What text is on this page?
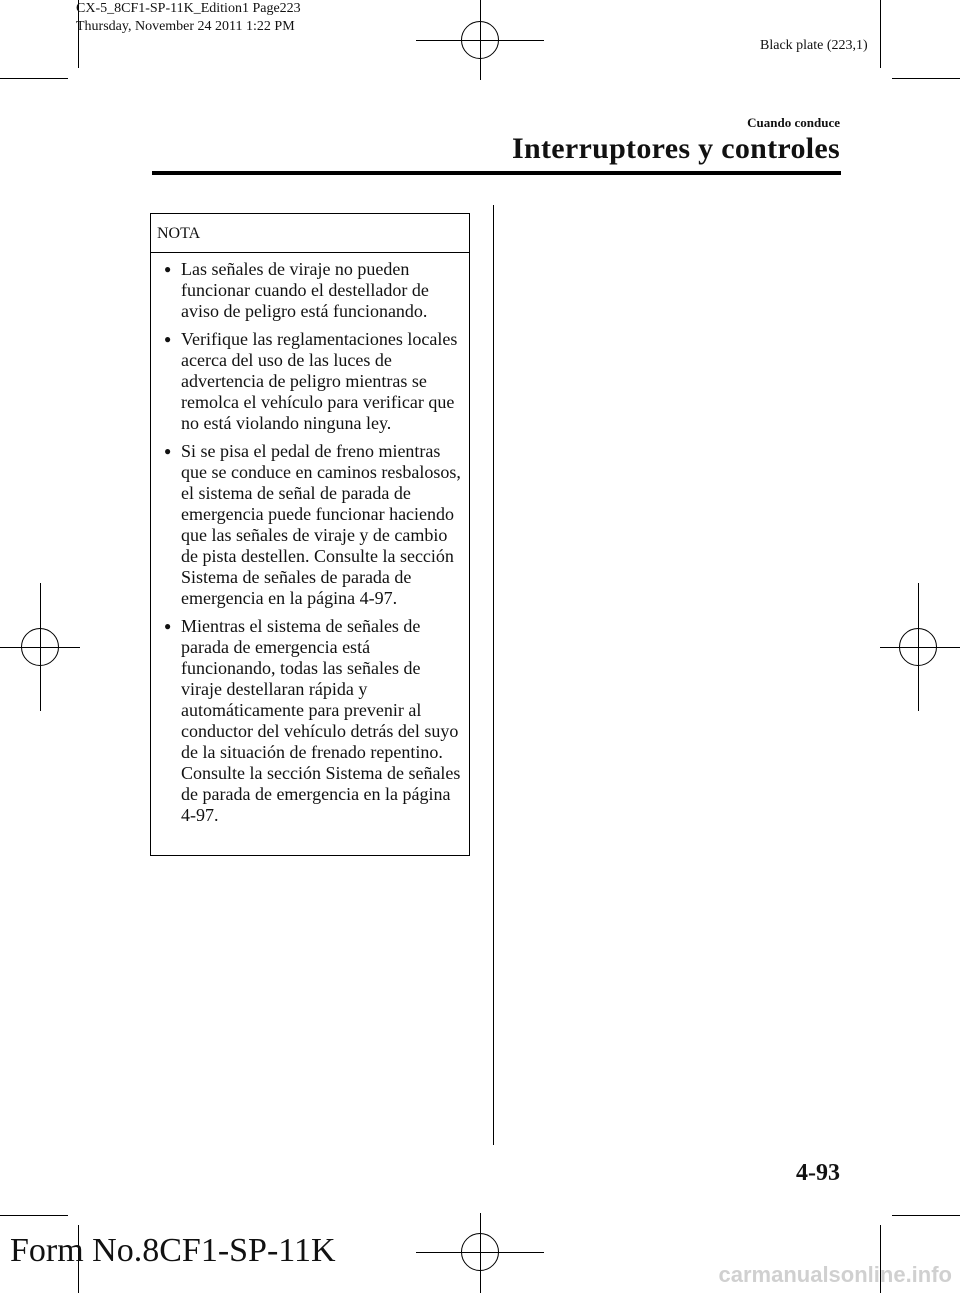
CX-5_8CF1-SP-11K_Edition1 Page223
Thursday, November 24 2011 1:22 PM
Black plate (223,1)
Cuando conduce
Interruptores y controles
NOTA
● Las señales de viraje no pueden funcionar cuando el destellador de aviso de peligro está funcionando.
● Verifique las reglamentaciones locales acerca del uso de las luces de advertencia de peligro mientras se remolca el vehículo para verificar que no está violando ninguna ley.
● Si se pisa el pedal de freno mientras que se conduce en caminos resbalosos, el sistema de señal de parada de emergencia puede funcionar haciendo que las señales de viraje y de cambio de pista destellen. Consulte la sección Sistema de señales de parada de emergencia en la página 4-97.
● Mientras el sistema de señales de parada de emergencia está funcionando, todas las señales de viraje destellaran rápida y automáticamente para prevenir al conductor del vehículo detrás del suyo de la situación de frenado repentino. Consulte la sección Sistema de señales de parada de emergencia en la página 4-97.
4-93
Form No.8CF1-SP-11K
carmanualsonline.info
